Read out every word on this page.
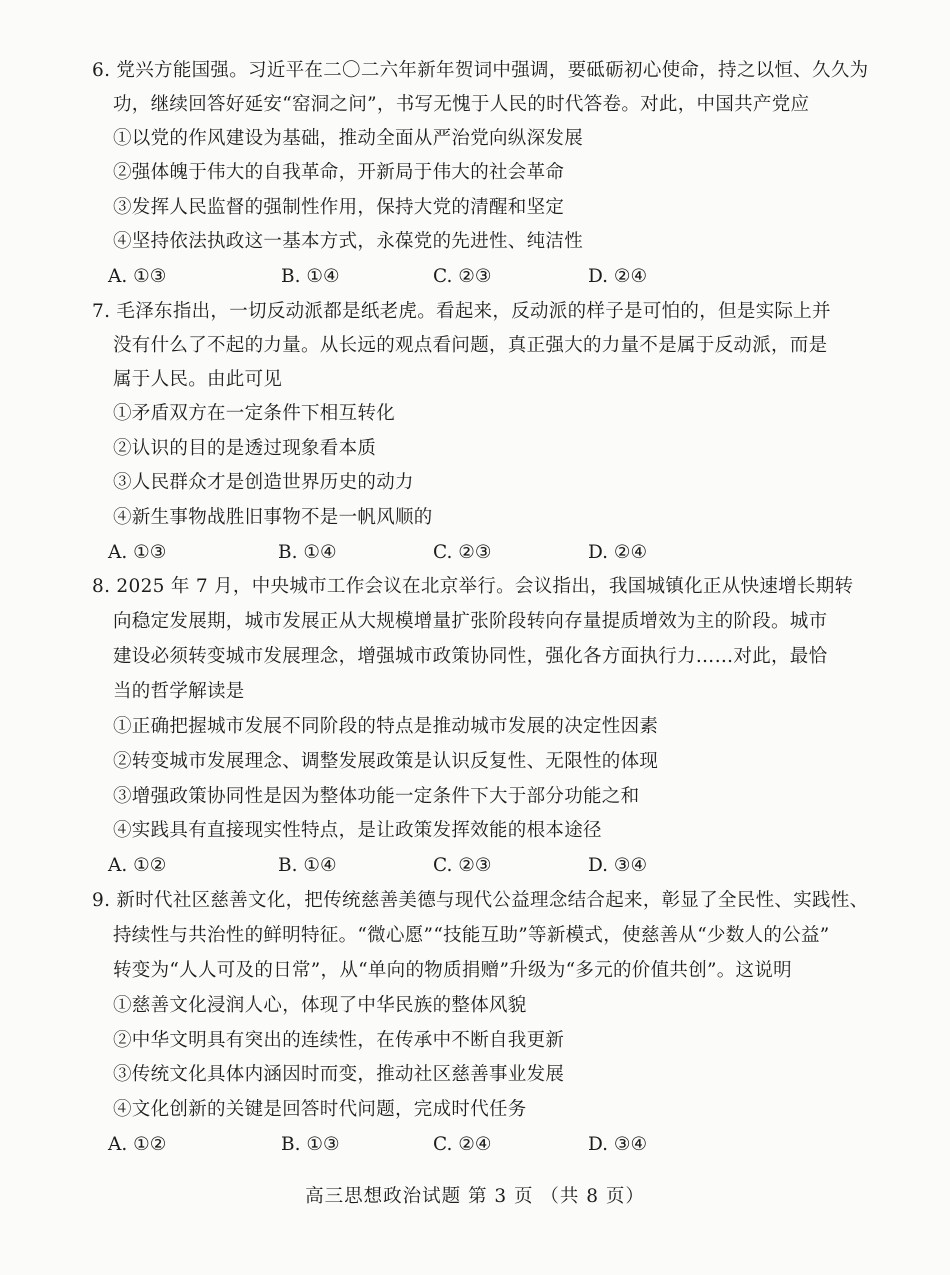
6. 党兴方能国强。习近平在二〇二六年新年贺词中强调，要砥砺初心使命，持之以恒、久久为
功，继续回答好延安“窑洞之问”，书写无愧于人民的时代答卷。对此，中国共产党应
①以党的作风建设为基础，推动全面从严治党向纵深发展
②强体魄于伟大的自我革命，开新局于伟大的社会革命
③发挥人民监督的强制性作用，保持大党的清醒和坚定
④坚持依法执政这一基本方式，永葆党的先进性、纯洁性
A. ①③	B. ①④	C. ②③	D. ②④
7. 毛泽东指出，一切反动派都是纸老虎。看起来，反动派的样子是可怕的，但是实际上并
没有什么了不起的力量。从长远的观点看问题，真正强大的力量不是属于反动派，而是
属于人民。由此可见
①矛盾双方在一定条件下相互转化
②认识的目的是透过现象看本质
③人民群众才是创造世界历史的动力
④新生事物战胜旧事物不是一帆风顺的
A. ①③	B. ①④	C. ②③	D. ②④
8. 2025 年 7 月，中央城市工作会议在北京举行。会议指出，我国城镇化正从快速增长期转
向稳定发展期，城市发展正从大规模增量扩张阶段转向存量提质增效为主的阶段。城市
建设必须转变城市发展理念，增强城市政策协同性，强化各方面执行力……对此，最恰
当的哲学解读是
①正确把握城市发展不同阶段的特点是推动城市发展的决定性因素
②转变城市发展理念、调整发展政策是认识反复性、无限性的体现
③增强政策协同性是因为整体功能一定条件下大于部分功能之和
④实践具有直接现实性特点，是让政策发挥效能的根本途径
A. ①②	B. ①④	C. ②③	D. ③④
9. 新时代社区慈善文化，把传统慈善美德与现代公益理念结合起来，彰显了全民性、实践性、
持续性与共治性的鲜明特征。“微心愿”“技能互助”等新模式，使慈善从“少数人的公益”
转变为“人人可及的日常”，从“单向的物质捐赠”升级为“多元的价值共创”。这说明
①慈善文化浸润人心，体现了中华民族的整体风貌
②中华文明具有突出的连续性，在传承中不断自我更新
③传统文化具体内涵因时而变，推动社区慈善事业发展
④文化创新的关键是回答时代问题，完成时代任务
A. ①②	B. ①③	C. ②④	D. ③④
高三思想政治试题 第 3 页 （共 8 页）
